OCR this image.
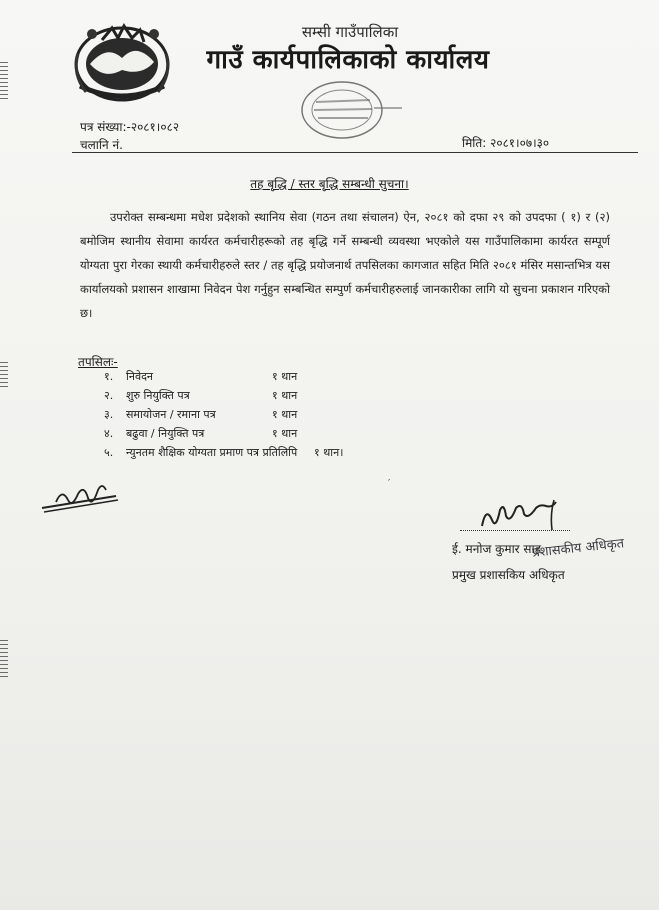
सम्सी गाउँपालिका
गाउँ कार्यपालिकाको कार्यालय
पत्र संख्या:-२०८१।०८२
चलानि नं.	मिति: २०८१।०७।३०
तह बृद्धि / स्तर बृद्धि सम्बन्धी सुचना।

उपरोक्त सम्बन्धमा मधेश प्रदेशको स्थानिय सेवा (गठन तथा संचालन) ऐन, २०८१ को दफा २९ को उपदफा ( १) र (२) बमोजिम स्थानीय सेवामा कार्यरत कर्मचारीहरूको तह बृद्धि गर्ने सम्बन्धी व्यवस्था भएकोले यस गाउँपालिकामा कार्यरत सम्पूर्ण योग्यता पुरा गेरका स्थायी कर्मचारीहरुले स्तर / तह बृद्धि प्रयोजनार्थ तपसिलका कागजात सहित मिति २०८१ मंसिर मसान्तभित्र यस कार्यालयको प्रशासन शाखामा निवेदन पेश गर्नुहुन सम्बन्धित सम्पुर्ण कर्मचारीहरुलाई जानकारीका लागि यो सुचना प्रकाशन गरिएको छ।

तपसिलः-
१. निवेदन	१ थान
२. शुरु नियुक्ति पत्र	१ थान
३. समायोजन / रमाना पत्र	१ थान
४. बढुवा / नियुक्ति पत्र	१ थान
५. न्युनतम शैक्षिक योग्यता प्रमाण पत्र प्रतिलिपि १ थान।
′
ई. मनोज कुमार साह
प्रशासकीय अधिकृत
प्रमुख प्रशासकिय अधिकृत
